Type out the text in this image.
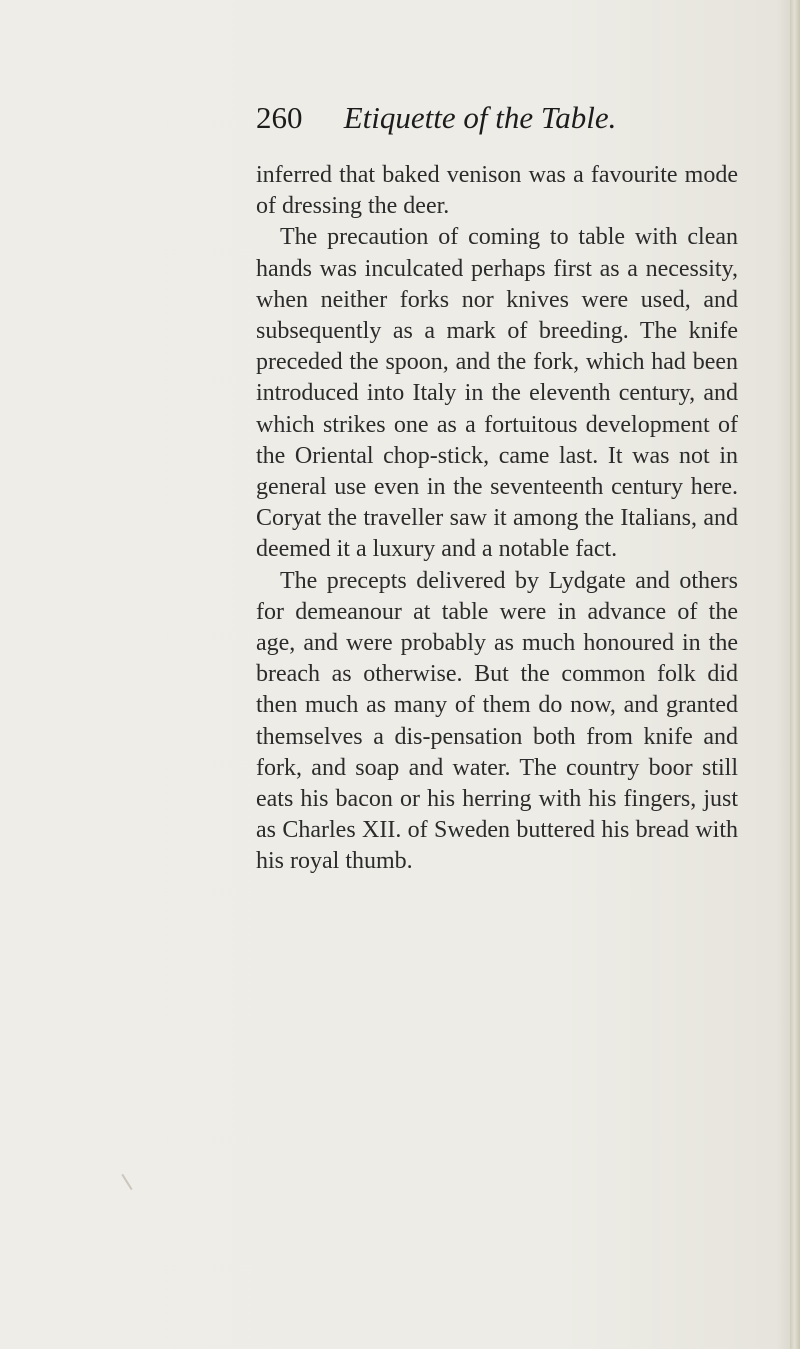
260 Etiquette of the Table.

inferred that baked venison was a favourite mode of dressing the deer.

The precaution of coming to table with clean hands was inculcated perhaps first as a necessity, when neither forks nor knives were used, and subsequently as a mark of breeding. The knife preceded the spoon, and the fork, which had been introduced into Italy in the eleventh century, and which strikes one as a fortuitous development of the Oriental chop-stick, came last. It was not in general use even in the seventeenth century here. Coryat the traveller saw it among the Italians, and deemed it a luxury and a notable fact.

The precepts delivered by Lydgate and others for demeanour at table were in advance of the age, and were probably as much honoured in the breach as otherwise. But the common folk did then much as many of them do now, and granted themselves a dis-pensation both from knife and fork, and soap and water. The country boor still eats his bacon or his herring with his fingers, just as Charles XII. of Sweden buttered his bread with his royal thumb.
